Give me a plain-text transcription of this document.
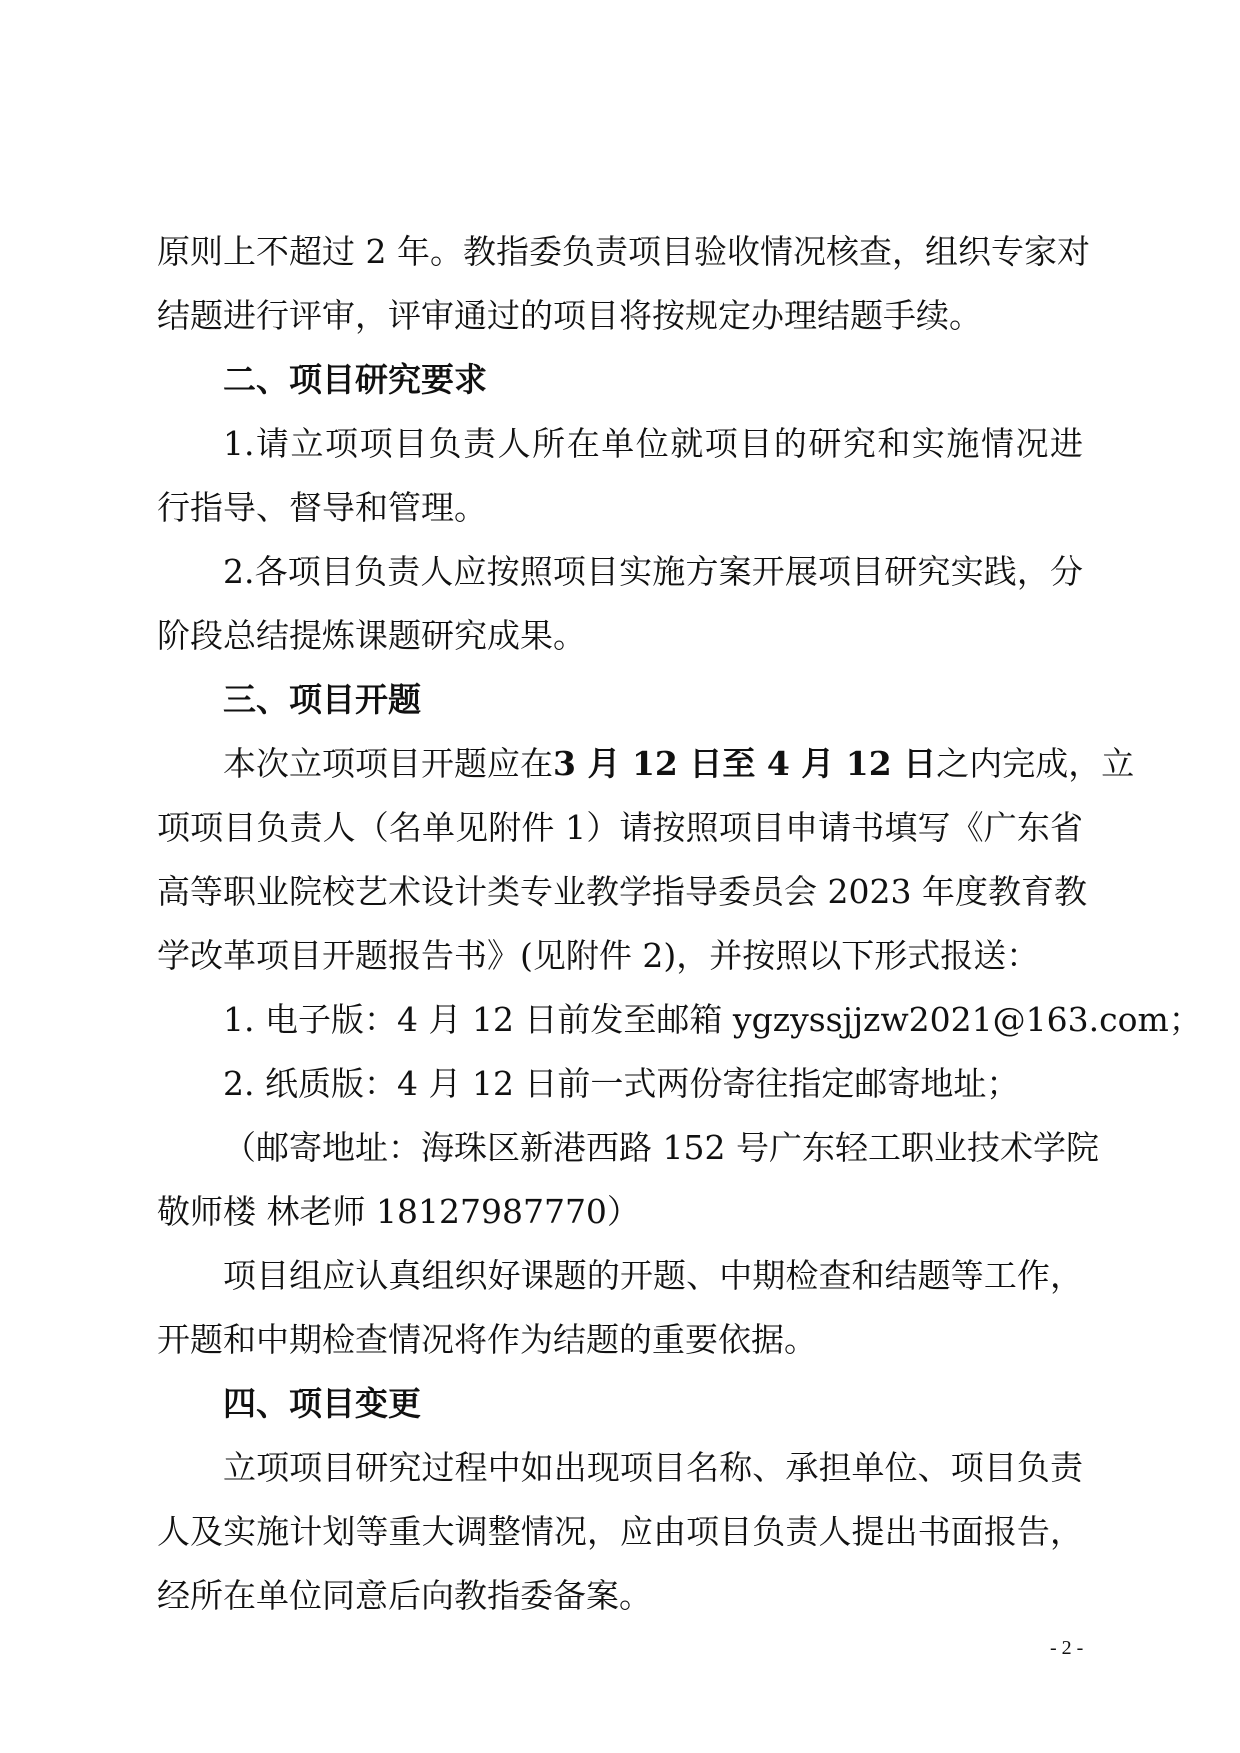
原则上不超过 2 年。教指委负责项目验收情况核查，组织专家对
结题进行评审，评审通过的项目将按规定办理结题手续。
二、项目研究要求
1.请立项项目负责人所在单位就项目的研究和实施情况进
行指导、督导和管理。
2.各项目负责人应按照项目实施方案开展项目研究实践，分
阶段总结提炼课题研究成果。
三、项目开题
本次立项项目开题应在3 月 12 日至 4 月 12 日之内完成，立
项项目负责人（名单见附件 1）请按照项目申请书填写《广东省
高等职业院校艺术设计类专业教学指导委员会 2023 年度教育教
学改革项目开题报告书》(见附件 2)，并按照以下形式报送：
1. 电子版：4 月 12 日前发至邮箱 ygzyssjjzw2021@163.com；
2. 纸质版：4 月 12 日前一式两份寄往指定邮寄地址；
（邮寄地址：海珠区新港西路 152 号广东轻工职业技术学院
敬师楼 林老师 18127987770）
项目组应认真组织好课题的开题、中期检查和结题等工作，
开题和中期检查情况将作为结题的重要依据。
四、项目变更
立项项目研究过程中如出现项目名称、承担单位、项目负责
人及实施计划等重大调整情况，应由项目负责人提出书面报告，
经所在单位同意后向教指委备案。
- 2 -
